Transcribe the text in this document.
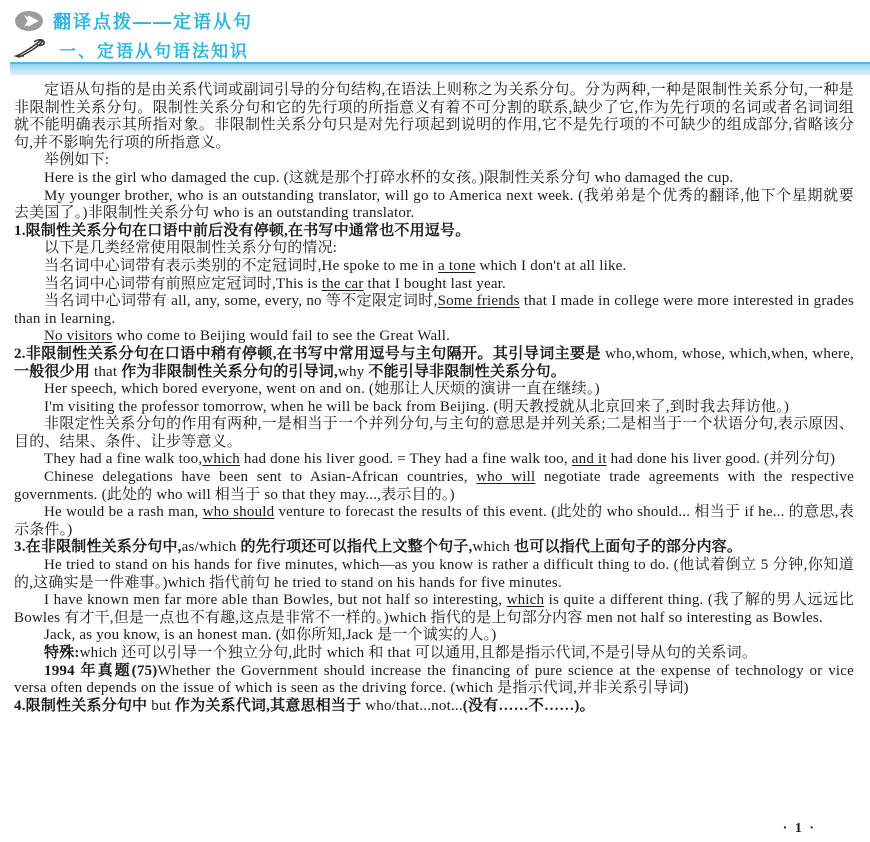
翻译点拨——定语从句
一、定语从句语法知识

定语从句指的是由关系代词或副词引导的分句结构,在语法上则称之为关系分句。分为两种,一种是限制性关系分句,一种是非限制性关系分句。限制性关系分句和它的先行项的所指意义有着不可分割的联系,缺少了它,作为先行项的名词或者名词词组就不能明确表示其所指对象。非限制性关系分句只是对先行项起到说明的作用,它不是先行项的不可缺少的组成部分,省略该分句,并不影响先行项的所指意义。

举例如下:

Here is the girl who damaged the cup. (这就是那个打碎水杯的女孩。)限制性关系分句 who damaged the cup.

My younger brother, who is an outstanding translator, will go to America next week. (我弟弟是个优秀的翻译,他下个星期就要去美国了。)非限制性关系分句 who is an outstanding translator.

1.限制性关系分句在口语中前后没有停顿,在书写中通常也不用逗号。

以下是几类经常使用限制性关系分句的情况:

当名词中心词带有表示类别的不定冠词时,He spoke to me in a tone which I don't at all like.

当名词中心词带有前照应定冠词时,This is the car that I bought last year.

当名词中心词带有 all, any, some, every, no 等不定限定词时,Some friends that I made in college were more interested in grades than in learning.

No visitors who come to Beijing would fail to see the Great Wall.

2.非限制性关系分句在口语中稍有停顿,在书写中常用逗号与主句隔开。其引导词主要是 who,whom, whose, which,when, where,一般很少用 that 作为非限制性关系分句的引导词,why 不能引导非限制性关系分句。

Her speech, which bored everyone, went on and on. (她那让人厌烦的演讲一直在继续。)

I'm visiting the professor tomorrow, when he will be back from Beijing. (明天教授就从北京回来了,到时我去拜访他。)

非限定性关系分句的作用有两种,一是相当于一个并列分句,与主句的意思是并列关系;二是相当于一个状语分句,表示原因、目的、结果、条件、让步等意义。

They had a fine walk too,which had done his liver good. = They had a fine walk too, and it had done his liver good. (并列分句)

Chinese delegations have been sent to Asian-African countries, who will negotiate trade agreements with the respective governments. (此处的 who will 相当于 so that they may...,表示目的。)

He would be a rash man, who should venture to forecast the results of this event. (此处的 who should... 相当于 if he... 的意思,表示条件。)

3.在非限制性关系分句中,as/which 的先行项还可以指代上文整个句子,which 也可以指代上面句子的部分内容。

He tried to stand on his hands for five minutes, which—as you know is rather a difficult thing to do. (他试着倒立 5 分钟,你知道的,这确实是一件难事。)which 指代前句 he tried to stand on his hands for five minutes.

I have known men far more able than Bowles, but not half so interesting, which is quite a different thing. (我了解的男人远远比 Bowles 有才干,但是一点也不有趣,这点是非常不一样的。)which 指代的是上句部分内容 men not half so interesting as Bowles.

Jack, as you know, is an honest man. (如你所知,Jack 是一个诚实的人。)

特殊:which 还可以引导一个独立分句,此时 which 和 that 可以通用,且都是指示代词,不是引导从句的关系词。

1994 年真题(75)Whether the Government should increase the financing of pure science at the expense of technology or vice versa often depends on the issue of which is seen as the driving force. (which 是指示代词,并非关系引导词)

4.限制性关系分句中 but 作为关系代词,其意思相当于 who/that...not...(没有……不……)。

· 1 ·
